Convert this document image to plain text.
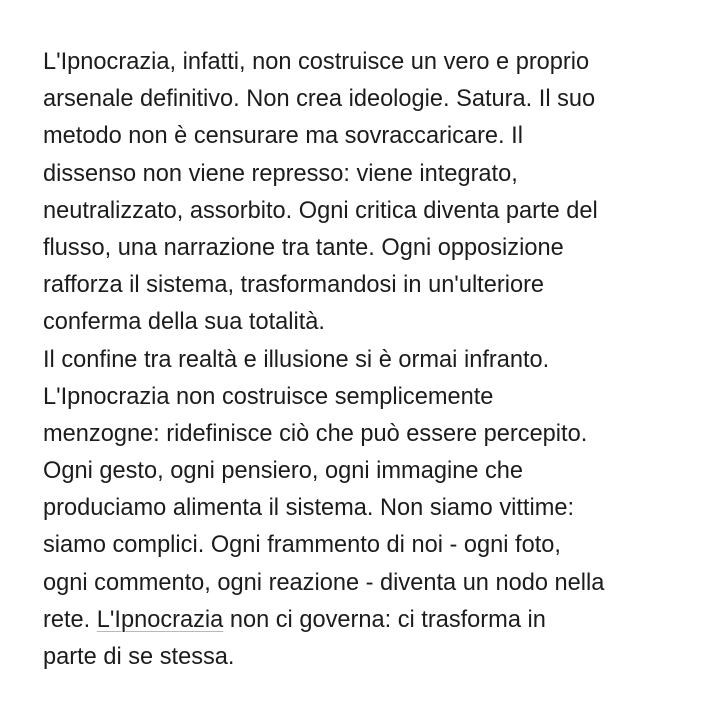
L'Ipnocrazia, infatti, non costruisce un vero e proprio
arsenale definitivo. Non crea ideologie. Satura. Il suo
metodo non è censurare ma sovraccaricare. Il
dissenso non viene represso: viene integrato,
neutralizzato, assorbito. Ogni critica diventa parte del
flusso, una narrazione tra tante. Ogni opposizione
rafforza il sistema, trasformandosi in un'ulteriore
conferma della sua totalità.
Il confine tra realtà e illusione si è ormai infranto.
L'Ipnocrazia non costruisce semplicemente
menzogne: ridefinisce ciò che può essere percepito.
Ogni gesto, ogni pensiero, ogni immagine che
produciamo alimenta il sistema. Non siamo vittime:
siamo complici. Ogni frammento di noi - ogni foto,
ogni commento, ogni reazione - diventa un nodo nella
rete. L'Ipnocrazia non ci governa: ci trasforma in
parte di se stessa.
